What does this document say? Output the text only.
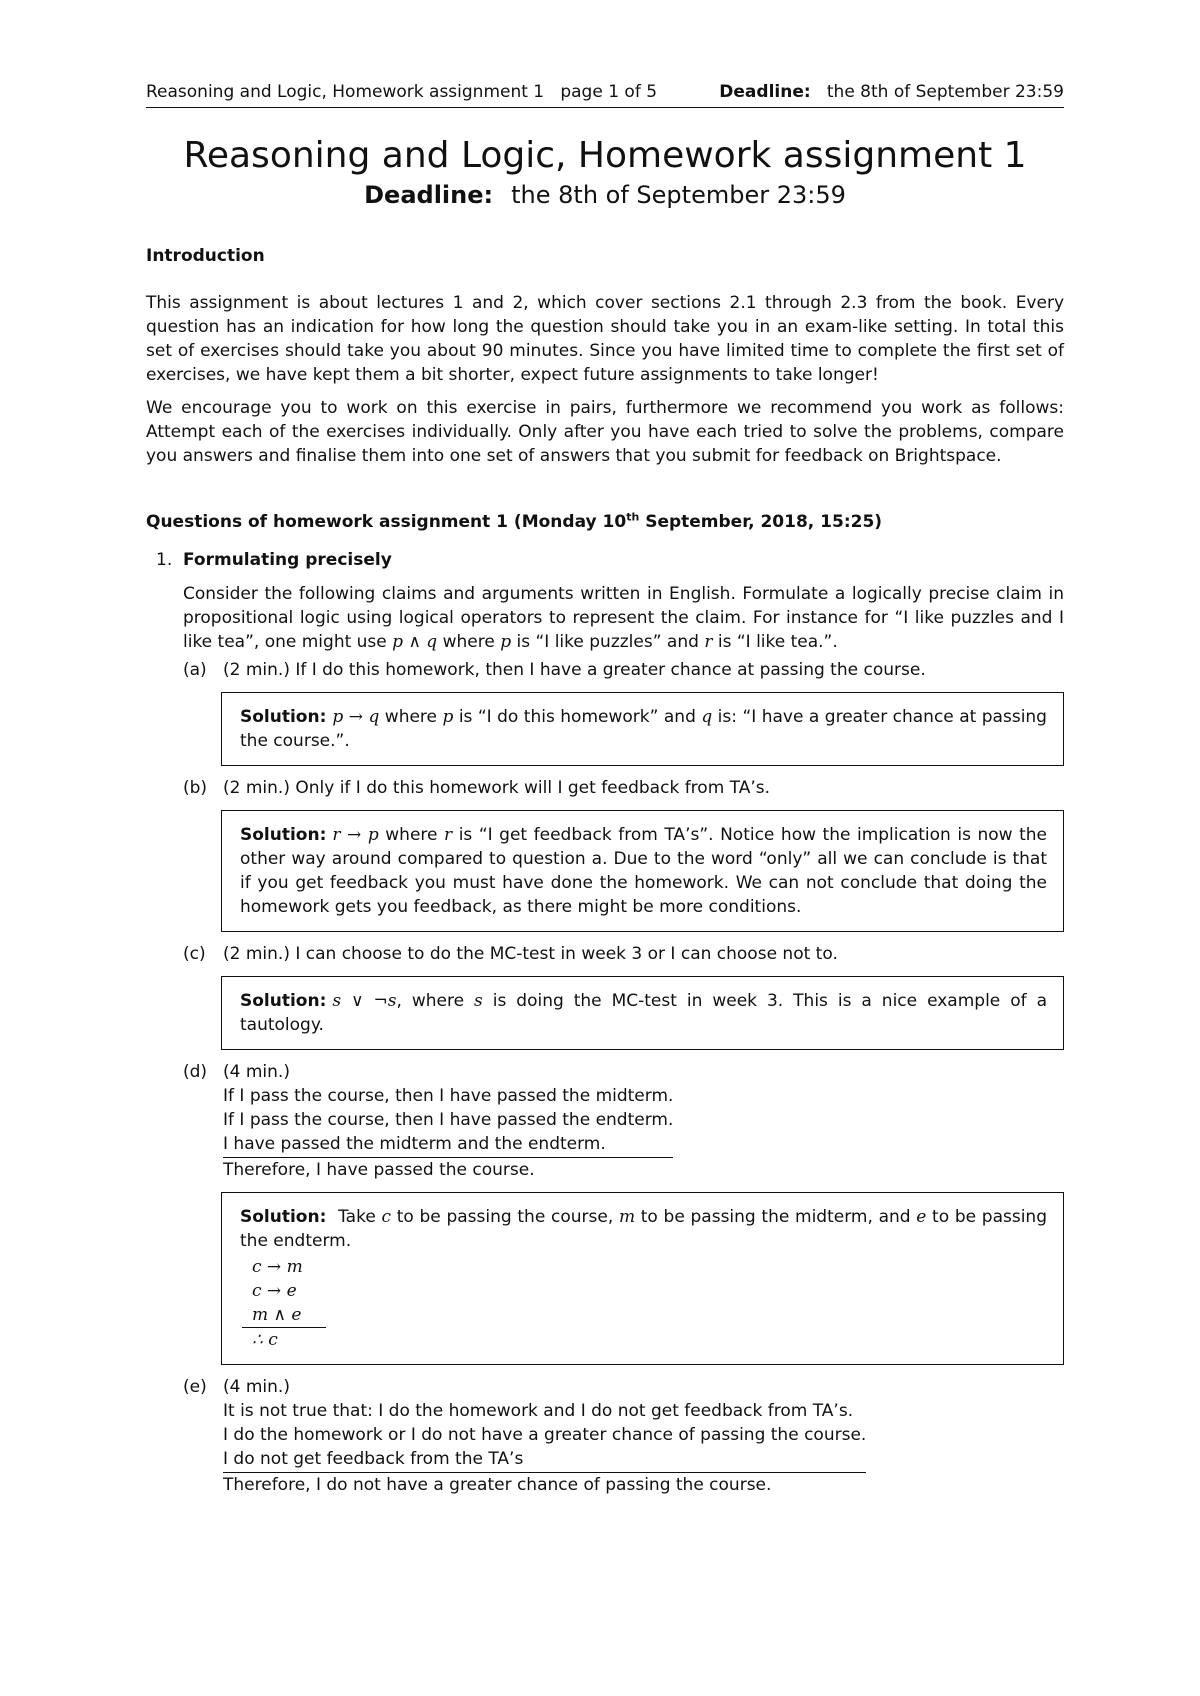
Reasoning and Logic, Homework assignment 1 page 1 of 5	Deadline: the 8th of September 23:59
Reasoning and Logic, Homework assignment 1
Deadline: the 8th of September 23:59
Introduction

This assignment is about lectures 1 and 2, which cover sections 2.1 through 2.3 from the book. Every question has an indication for how long the question should take you in an exam-like setting. In total this set of exercises should take you about 90 minutes. Since you have limited time to complete the first set of exercises, we have kept them a bit shorter, expect future assignments to take longer!

We encourage you to work on this exercise in pairs, furthermore we recommend you work as follows: Attempt each of the exercises individually. Only after you have each tried to solve the problems, compare you answers and finalise them into one set of answers that you submit for feedback on Brightspace.

Questions of homework assignment 1 (Monday 10th September, 2018, 15:25)
1. Formulating precisely

Consider the following claims and arguments written in English. Formulate a logically precise claim in propositional logic using logical operators to represent the claim. For instance for “I like puzzles and I like tea”, one might use p ∧ q where p is “I like puzzles” and r is “I like tea.”.

(a) (2 min.) If I do this homework, then I have a greater chance at passing the course.
Solution: p → q where p is “I do this homework” and q is: “I have a greater chance at passing the course.”.
(b) (2 min.) Only if I do this homework will I get feedback from TA’s.
Solution: r → p where r is “I get feedback from TA’s”. Notice how the implication is now the other way around compared to question a. Due to the word “only” all we can conclude is that if you get feedback you must have done the homework. We can not conclude that doing the homework gets you feedback, as there might be more conditions.
(c) (2 min.) I can choose to do the MC-test in week 3 or I can choose not to.
Solution: s ∨ ¬s, where s is doing the MC-test in week 3. This is a nice example of a tautology.
(d) (4 min.)
If I pass the course, then I have passed the midterm.
If I pass the course, then I have passed the endterm.
I have passed the midterm and the endterm.
Therefore, I have passed the course.
Solution: Take c to be passing the course, m to be passing the midterm, and e to be passing the endterm.

c → m
c → e
m ∧ e
∴ c
(e) (4 min.)
It is not true that: I do the homework and I do not get feedback from TA’s.
I do the homework or I do not have a greater chance of passing the course.
I do not get feedback from the TA’s
Therefore, I do not have a greater chance of passing the course.
